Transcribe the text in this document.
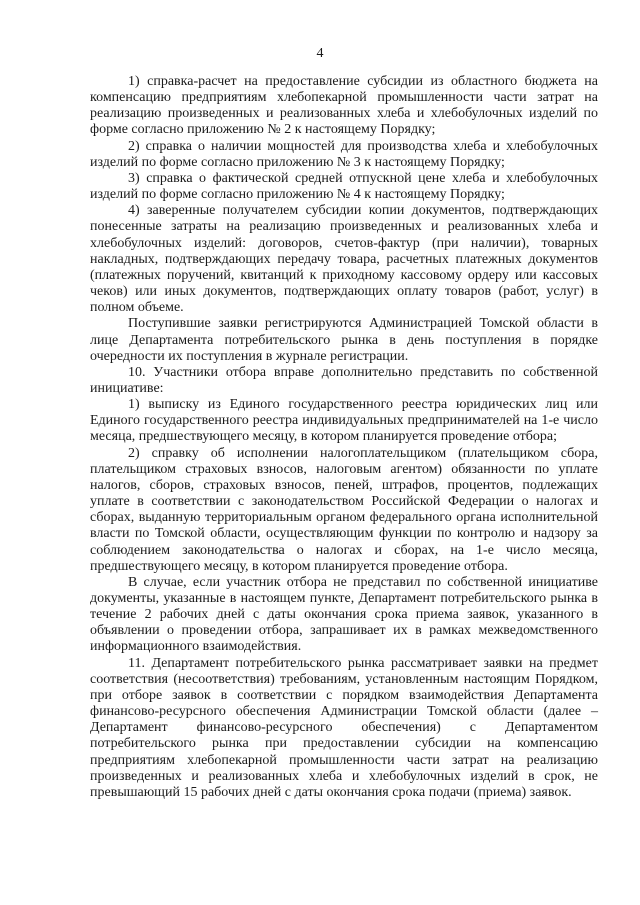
4

1) справка-расчет на предоставление субсидии из областного бюджета на компенсацию предприятиям хлебопекарной промышленности части затрат на реализацию произведенных и реализованных хлеба и хлебобулочных изделий по форме согласно приложению № 2 к настоящему Порядку;

2) справка о наличии мощностей для производства хлеба и хлебобулочных изделий по форме согласно приложению № 3 к настоящему Порядку;

3) справка о фактической средней отпускной цене хлеба и хлебобулочных изделий по форме согласно приложению № 4 к настоящему Порядку;

4) заверенные получателем субсидии копии документов, подтверждающих понесенные затраты на реализацию произведенных и реализованных хлеба и хлебобулочных изделий: договоров, счетов-фактур (при наличии), товарных накладных, подтверждающих передачу товара, расчетных платежных документов (платежных поручений, квитанций к приходному кассовому ордеру или кассовых чеков) или иных документов, подтверждающих оплату товаров (работ, услуг) в полном объеме.

Поступившие заявки регистрируются Администрацией Томской области в лице Департамента потребительского рынка в день поступления в порядке очередности их поступления в журнале регистрации.

10. Участники отбора вправе дополнительно представить по собственной инициативе:

1) выписку из Единого государственного реестра юридических лиц или Единого государственного реестра индивидуальных предпринимателей на 1-е число месяца, предшествующего месяцу, в котором планируется проведение отбора;

2) справку об исполнении налогоплательщиком (плательщиком сбора, плательщиком страховых взносов, налоговым агентом) обязанности по уплате налогов, сборов, страховых взносов, пеней, штрафов, процентов, подлежащих уплате в соответствии с законодательством Российской Федерации о налогах и сборах, выданную территориальным органом федерального органа исполнительной власти по Томской области, осуществляющим функции по контролю и надзору за соблюдением законодательства о налогах и сборах, на 1-е число месяца, предшествующего месяцу, в котором планируется проведение отбора.

В случае, если участник отбора не представил по собственной инициативе документы, указанные в настоящем пункте, Департамент потребительского рынка в течение 2 рабочих дней с даты окончания срока приема заявок, указанного в объявлении о проведении отбора, запрашивает их в рамках межведомственного информационного взаимодействия.

11. Департамент потребительского рынка рассматривает заявки на предмет соответствия (несоответствия) требованиям, установленным настоящим Порядком, при отборе заявок в соответствии с порядком взаимодействия Департамента финансово-ресурсного обеспечения Администрации Томской области (далее – Департамент финансово-ресурсного обеспечения) с Департаментом потребительского рынка при предоставлении субсидии на компенсацию предприятиям хлебопекарной промышленности части затрат на реализацию произведенных и реализованных хлеба и хлебобулочных изделий в срок, не превышающий 15 рабочих дней с даты окончания срока подачи (приема) заявок.
